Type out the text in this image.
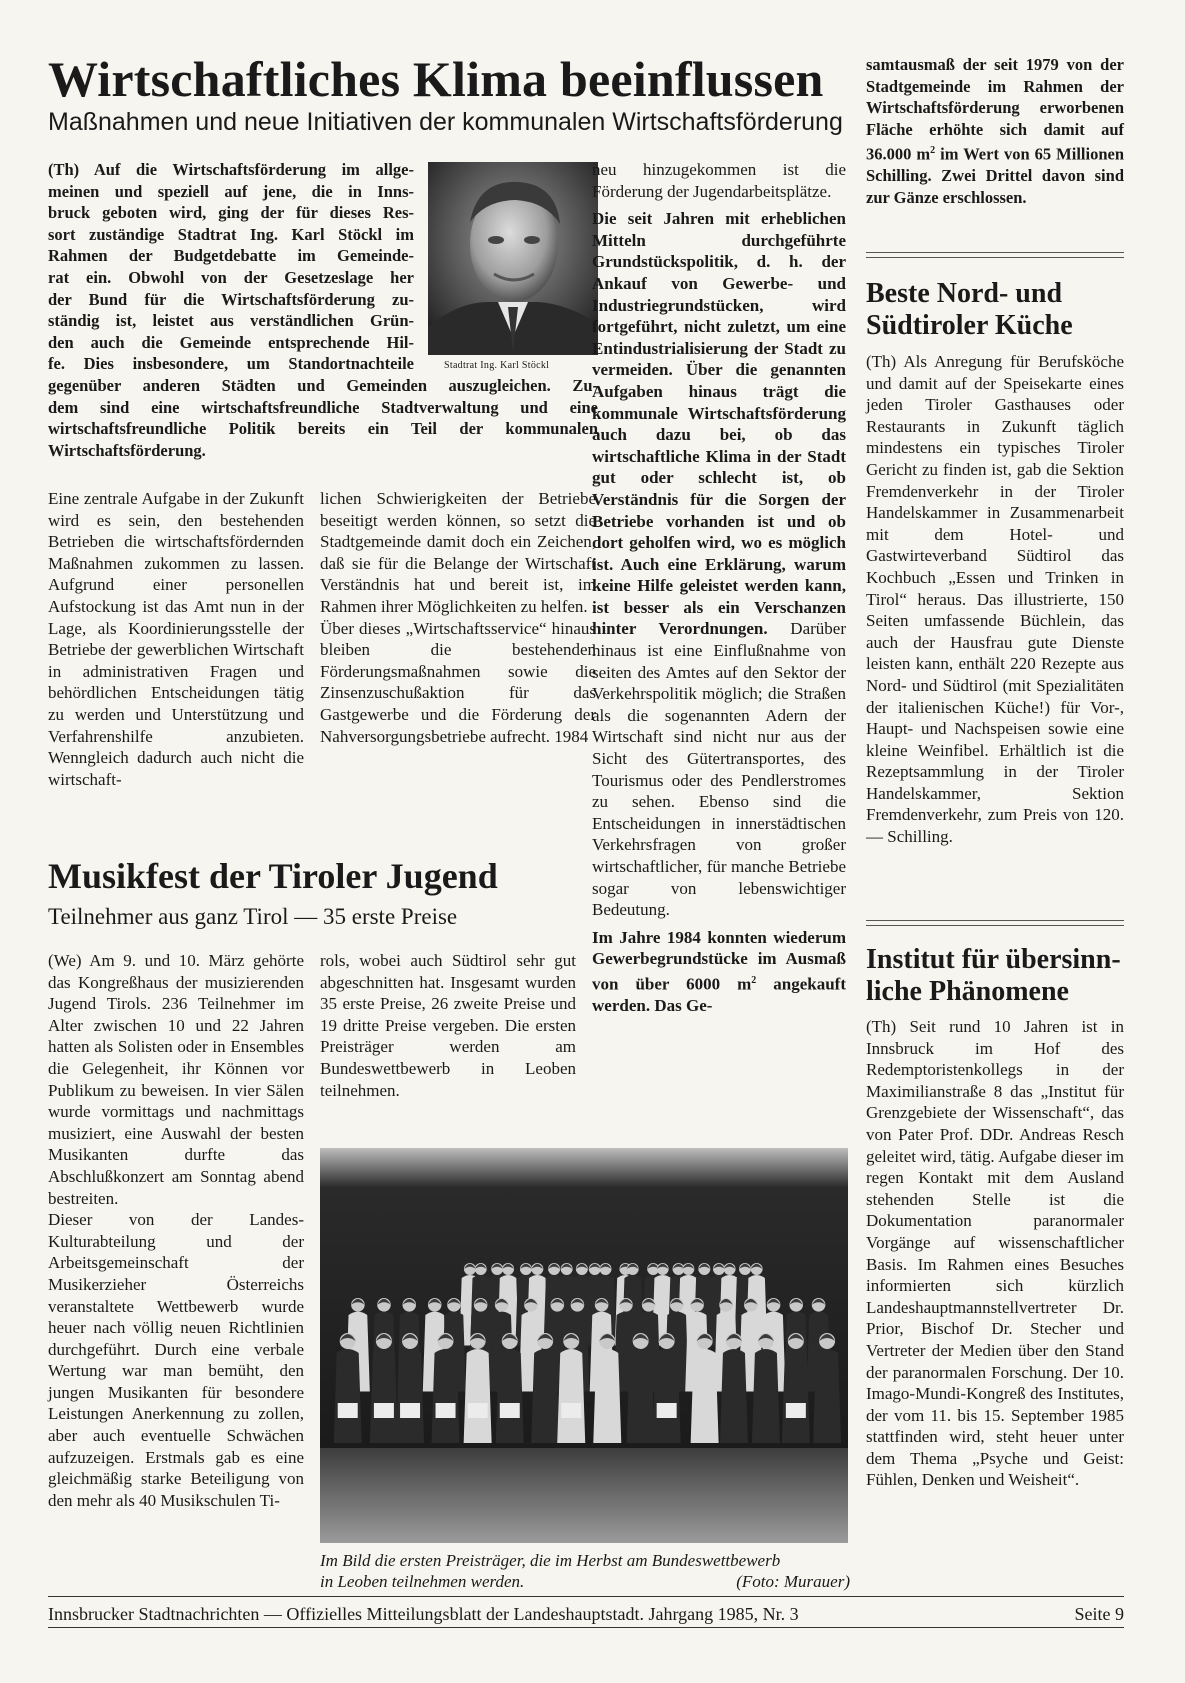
Wirtschaftliches Klima beeinflussen
Maßnahmen und neue Initiativen der kommunalen Wirtschaftsförderung
(Th) Auf die Wirtschaftsförderung im allge-
meinen und speziell auf jene, die in Inns-
bruck geboten wird, ging der für dieses Res-
sort zuständige Stadtrat Ing. Karl Stöckl im
Rahmen der Budgetdebatte im Gemeinde-
rat ein. Obwohl von der Gesetzeslage her
der Bund für die Wirtschaftsförderung zu-
ständig ist, leistet aus verständlichen Grün-
den auch die Gemeinde entsprechende Hil-
fe. Dies insbesondere, um Standortnachteile	Stadtrat Ing. Karl Stöckl
gegenüber anderen Städten und Gemeinden auszugleichen. Zu-
dem sind eine wirtschaftsfreundliche Stadtverwaltung und eine
wirtschaftsfreundliche Politik bereits ein Teil der kommunalen
Wirtschaftsförderung.

Eine zentrale Aufgabe in der Zukunft wird es sein, den bestehenden Betrieben die wirtschaftsfördernden Maßnahmen zukommen zu lassen. Aufgrund einer personellen Aufstockung ist das Amt nun in der Lage, als Koordinierungsstelle der Betriebe der gewerblichen Wirtschaft in administrativen Fragen und behördlichen Entscheidungen tätig zu werden und Unterstützung und Verfahrenshilfe anzubieten. Wenngleich dadurch auch nicht die wirtschaft-

lichen Schwierigkeiten der Betriebe beseitigt werden können, so setzt die Stadtgemeinde damit doch ein Zeichen, daß sie für die Belange der Wirtschaft Verständnis hat und bereit ist, im Rahmen ihrer Möglichkeiten zu helfen.

Über dieses „Wirtschaftsservice“ hinaus bleiben die bestehenden Förderungsmaßnahmen sowie die Zinsenzuschußaktion für das Gastgewerbe und die Förderung der Nahversorgungsbetriebe aufrecht. 1984

neu hinzugekommen ist die Förderung der Jugendarbeitsplätze.

Die seit Jahren mit erheblichen Mitteln durchgeführte Grundstückspolitik, d. h. der Ankauf von Gewerbe- und Industriegrundstücken, wird fortgeführt, nicht zuletzt, um eine Entindustrialisierung der Stadt zu vermeiden. Über die genannten Aufgaben hinaus trägt die kommunale Wirtschaftsförderung auch dazu bei, ob das wirtschaftliche Klima in der Stadt gut oder schlecht ist, ob Verständnis für die Sorgen der Betriebe vorhanden ist und ob dort geholfen wird, wo es möglich ist. Auch eine Erklärung, warum keine Hilfe geleistet werden kann, ist besser als ein Verschanzen hinter Verordnungen. Darüber hinaus ist eine Einflußnahme von seiten des Amtes auf den Sektor der Verkehrspolitik möglich; die Straßen als die sogenannten Adern der Wirtschaft sind nicht nur aus der Sicht des Gütertransportes, des Tourismus oder des Pendlerstromes zu sehen. Ebenso sind die Entscheidungen in innerstädtischen Verkehrsfragen von großer wirtschaftlicher, für manche Betriebe sogar von lebenswichtiger Bedeutung.

Im Jahre 1984 konnten wiederum Gewerbegrundstücke im Ausmaß von über 6000 $m^2$ angekauft werden. Das Ge-

samtausmaß der seit 1979 von der Stadtgemeinde im Rahmen der Wirtschaftsförderung erworbenen Fläche erhöhte sich damit auf 36.000 $m^2$ im Wert von 65 Millionen Schilling. Zwei Drittel davon sind zur Gänze erschlossen.

Beste Nord- und
Südtiroler Küche

(Th) Als Anregung für Berufsköche und damit auf der Speisekarte eines jeden Tiroler Gasthauses oder Restaurants in Zukunft täglich mindestens ein typisches Tiroler Gericht zu finden ist, gab die Sektion Fremdenverkehr in der Tiroler Handelskammer in Zusammenarbeit mit dem Hotel- und Gastwirteverband Südtirol das Kochbuch „Essen und Trinken in Tirol“ heraus. Das illustrierte, 150 Seiten umfassende Büchlein, das auch der Hausfrau gute Dienste leisten kann, enthält 220 Rezepte aus Nord- und Südtirol (mit Spezialitäten der italienischen Küche!) für Vor-, Haupt- und Nachspeisen sowie eine kleine Weinfibel. Erhältlich ist die Rezeptsammlung in der Tiroler Handelskammer, Sektion Fremdenverkehr, zum Preis von 120.— Schilling.

Institut für übersinn-
liche Phänomene

(Th) Seit rund 10 Jahren ist in Innsbruck im Hof des Redemptoristenkollegs in der Maximilianstraße 8 das „Institut für Grenzgebiete der Wissenschaft“, das von Pater Prof. DDr. Andreas Resch geleitet wird, tätig. Aufgabe dieser im regen Kontakt mit dem Ausland stehenden Stelle ist die Dokumentation paranormaler Vorgänge auf wissenschaftlicher Basis. Im Rahmen eines Besuches informierten sich kürzlich Landeshauptmannstellvertreter Dr. Prior, Bischof Dr. Stecher und Vertreter der Medien über den Stand der paranormalen Forschung. Der 10. Imago-Mundi-Kongreß des Institutes, der vom 11. bis 15. September 1985 stattfinden wird, steht heuer unter dem Thema „Psyche und Geist: Fühlen, Denken und Weisheit“.

Musikfest der Tiroler Jugend
Teilnehmer aus ganz Tirol — 35 erste Preise

(We) Am 9. und 10. März gehörte das Kongreßhaus der musizierenden Jugend Tirols. 236 Teilnehmer im Alter zwischen 10 und 22 Jahren hatten als Solisten oder in Ensembles die Gelegenheit, ihr Können vor Publikum zu beweisen. In vier Sälen wurde vormittags und nachmittags musiziert, eine Auswahl der besten Musikanten durfte das Abschlußkonzert am Sonntag abend bestreiten.

Dieser von der Landes-Kulturabteilung und der Arbeitsgemeinschaft der Musikerzieher Österreichs veranstaltete Wettbewerb wurde heuer nach völlig neuen Richtlinien durchgeführt. Durch eine verbale Wertung war man bemüht, den jungen Musikanten für besondere Leistungen Anerkennung zu zollen, aber auch eventuelle Schwächen aufzuzeigen. Erstmals gab es eine gleichmäßig starke Beteiligung von den mehr als 40 Musikschulen Ti-

rols, wobei auch Südtirol sehr gut abgeschnitten hat. Insgesamt wurden 35 erste Preise, 26 zweite Preise und 19 dritte Preise vergeben. Die ersten Preisträger werden am Bundeswettbewerb in Leoben teilnehmen.

Im Bild die ersten Preisträger, die im Herbst am Bundeswettbewerb
in Leoben teilnehmen werden.	(Foto: Murauer)
Innsbrucker Stadtnachrichten — Offizielles Mitteilungsblatt der Landeshauptstadt. Jahrgang 1985, Nr. 3	Seite 9
